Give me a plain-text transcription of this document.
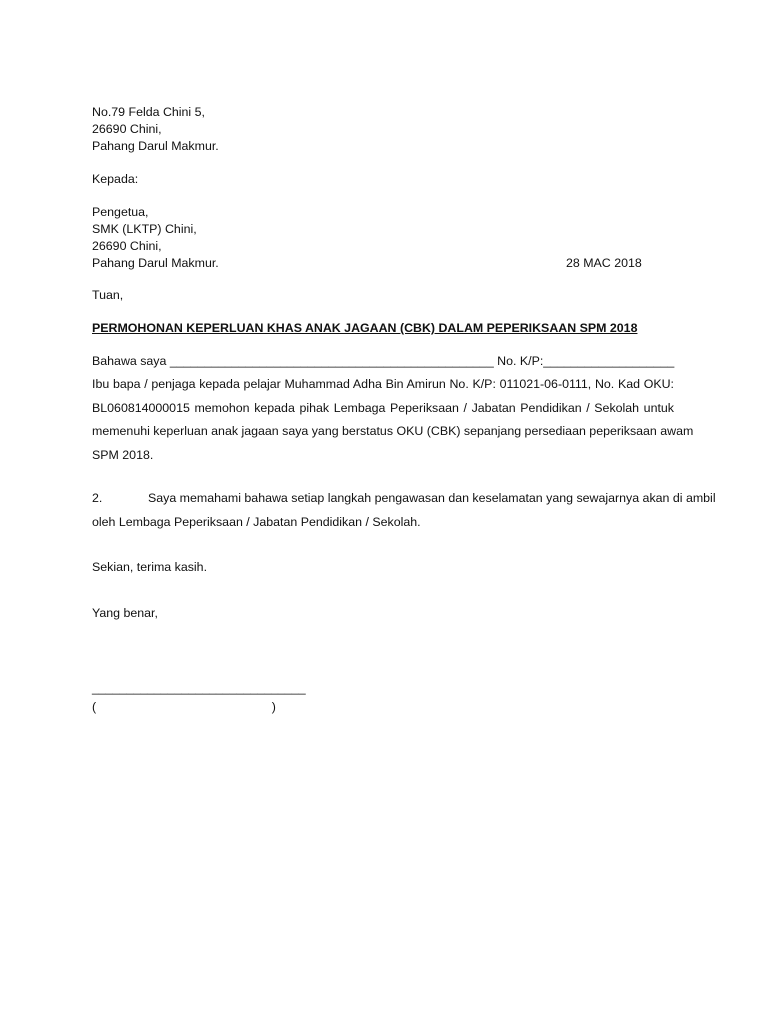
No.79 Felda Chini 5,
26690 Chini,
Pahang Darul Makmur.
Kepada:
Pengetua,
SMK (LKTP) Chini,
26690 Chini,
Pahang Darul Makmur.	28 MAC 2018
Tuan,
PERMOHONAN KEPERLUAN KHAS ANAK JAGAAN (CBK) DALAM PEPERIKSAAN SPM 2018
Bahawa saya _______________________________________________ No. K/P:___________________
Ibu bapa / penjaga kepada pelajar Muhammad Adha Bin Amirun No. K/P: 011021-06-0111, No. Kad OKU:
BL060814000015 memohon kepada pihak Lembaga Peperiksaan / Jabatan Pendidikan / Sekolah untuk
memenuhi keperluan anak jagaan saya yang berstatus OKU (CBK) sepanjang persediaan peperiksaan awam
SPM 2018.
2.	Saya memahami bahawa setiap langkah pengawasan dan keselamatan yang sewajarnya akan di ambil
oleh Lembaga Peperiksaan / Jabatan Pendidikan / Sekolah.
Sekian, terima kasih.
Yang benar,
_______________________________
(                                                   )
